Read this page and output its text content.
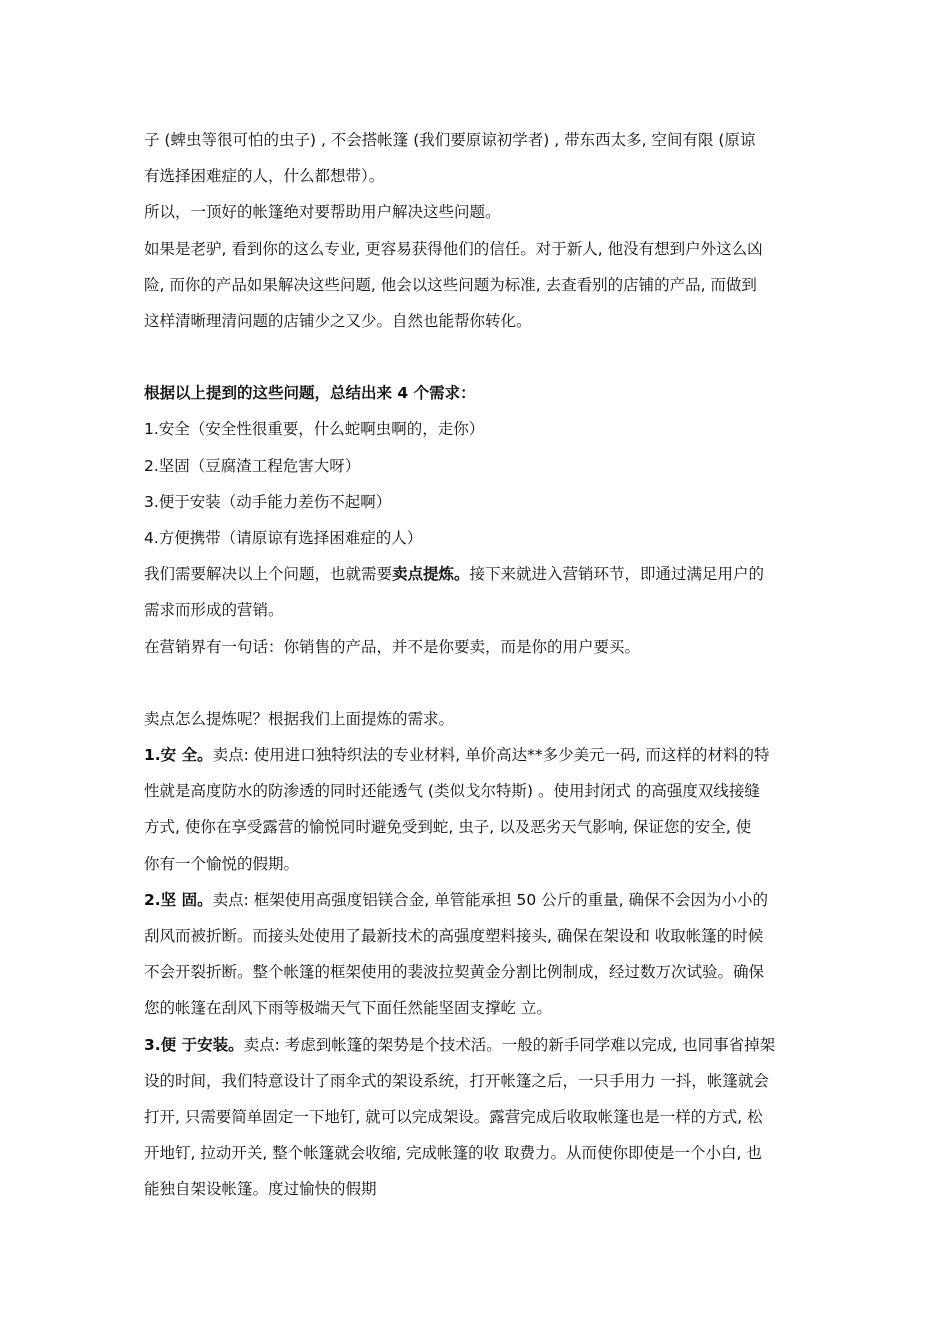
子 (蜱虫等很可怕的虫子) , 不会搭帐篷 (我们要原谅初学者) , 带东西太多, 空间有限 (原谅

有选择困难症的人，什么都想带）。

所以，一顶好的帐篷绝对要帮助用户解决这些问题。

如果是老驴, 看到你的这么专业, 更容易获得他们的信任。对于新人, 他没有想到户外这么凶

险, 而你的产品如果解决这些问题, 他会以这些问题为标准, 去查看别的店铺的产品, 而做到

这样清晰理清问题的店铺少之又少。自然也能帮你转化。

根据以上提到的这些问题，总结出来 4 个需求：

1.安全（安全性很重要，什么蛇啊虫啊的，走你）

2.坚固（豆腐渣工程危害大呀）

3.便于安装（动手能力差伤不起啊）

4.方便携带（请原谅有选择困难症的人）

我们需要解决以上个问题，也就需要卖点提炼。接下来就进入营销环节，即通过满足用户的

需求而形成的营销。

在营销界有一句话：你销售的产品，并不是你要卖，而是你的用户要买。

卖点怎么提炼呢？根据我们上面提炼的需求。

1.安 全。卖点: 使用进口独特织法的专业材料, 单价高达**多少美元一码, 而这样的材料的特

性就是高度防水的防渗透的同时还能透气 (类似戈尔特斯) 。使用封闭式 的高强度双线接缝

方式, 使你在享受露营的愉悦同时避免受到蛇, 虫子, 以及恶劣天气影响, 保证您的安全, 使

你有一个愉悦的假期。

2.坚 固。卖点: 框架使用高强度铝镁合金, 单管能承担 50 公斤的重量, 确保不会因为小小的

刮风而被折断。而接头处使用了最新技术的高强度塑料接头, 确保在架设和 收取帐篷的时候

不会开裂折断。整个帐篷的框架使用的裴波拉契黄金分割比例制成，经过数万次试验。确保

您的帐篷在刮风下雨等极端天气下面任然能坚固支撑屹 立。

3.便 于安装。卖点: 考虑到帐篷的架势是个技术活。一般的新手同学难以完成, 也同事省掉架

设的时间，我们特意设计了雨伞式的架设系统，打开帐篷之后，一只手用力 一抖，帐篷就会

打开, 只需要简单固定一下地钉, 就可以完成架设。露营完成后收取帐篷也是一样的方式, 松

开地钉, 拉动开关, 整个帐篷就会收缩, 完成帐篷的收 取费力。从而使你即使是一个小白, 也

能独自架设帐篷。度过愉快的假期
